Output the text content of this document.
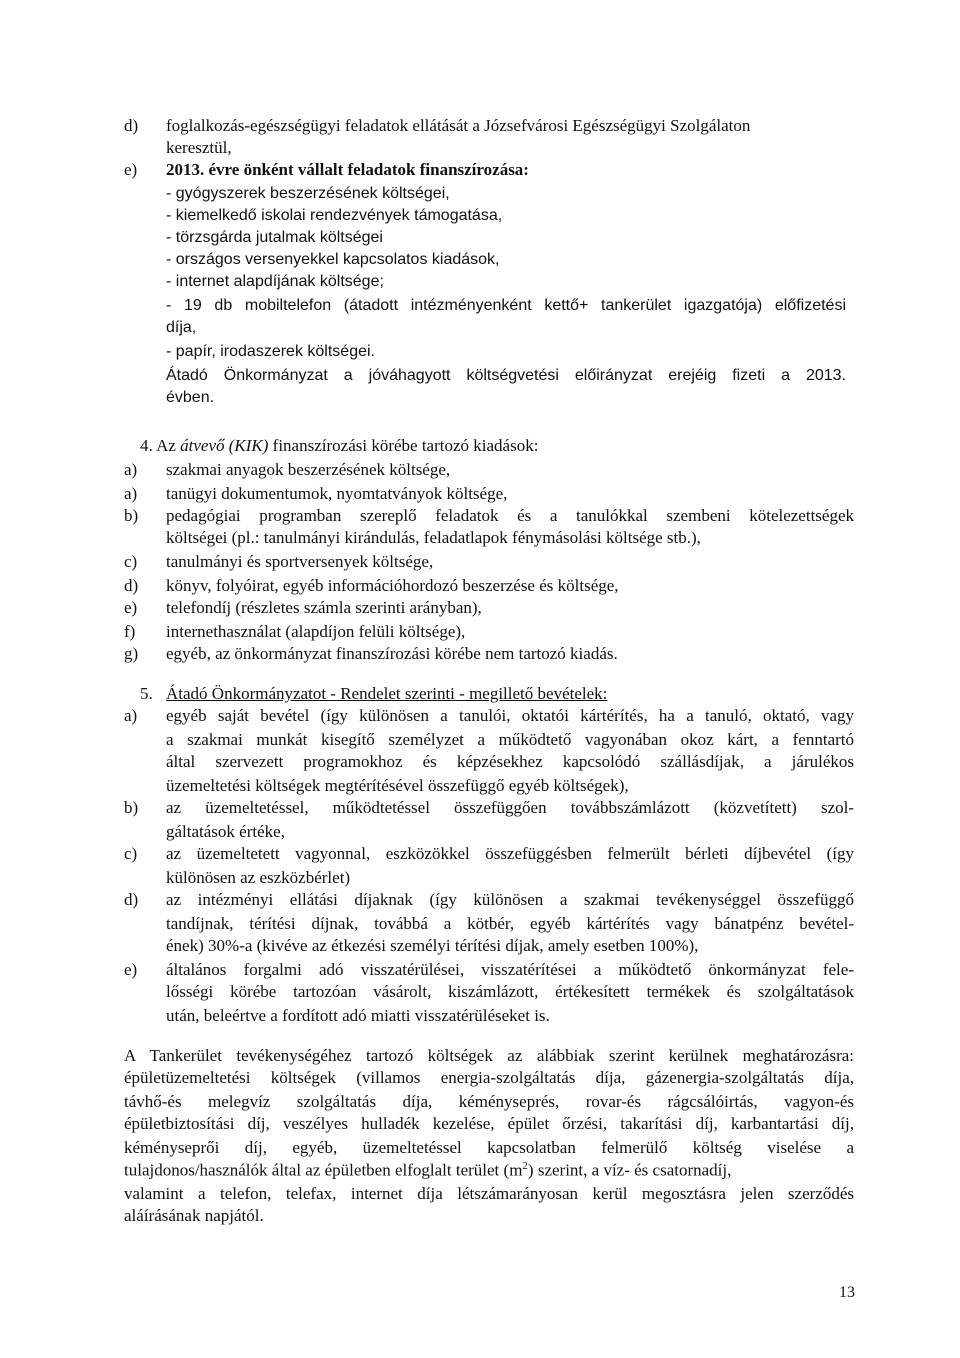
d) foglalkozás-egészségügyi feladatok ellátását a Józsefvárosi Egészségügyi Szolgálaton
keresztül,
e) 2013. évre önként vállalt feladatok finanszírozása:
- gyógyszerek beszerzésének költségei,
- kiemelkedő iskolai rendezvények támogatása,
- törzsgárda jutalmak költségei
- országos versenyekkel kapcsolatos kiadások,
- internet alapdíjának költsége;
- 19 db mobiltelefon (átadott intézményenként kettő+ tankerület igazgatója) előfizetési
díja,
- papír, irodaszerek költségei.
Átadó Önkormányzat a jóváhagyott költségvetési előirányzat erejéig fizeti a 2013.
évben.
4. Az átvevő (KIK) finanszírozási körébe tartozó kiadások:
a) szakmai anyagok beszerzésének költsége,
a) tanügyi dokumentumok, nyomtatványok költsége,
b) pedagógiai programban szereplő feladatok és a tanulókkal szembeni kötelezettségek
költségei (pl.: tanulmányi kirándulás, feladatlapok fénymásolási költsége stb.),
c) tanulmányi és sportversenyek költsége,
d) könyv, folyóirat, egyéb információhordozó beszerzése és költsége,
e) telefondíj (részletes számla szerinti arányban),
f) internethasználat (alapdíjon felüli költsége),
g) egyéb, az önkormányzat finanszírozási körébe nem tartozó kiadás.
5. Átadó Önkormányzatot - Rendelet szerinti - megillető bevételek:
a) egyéb saját bevétel (így különösen a tanulói, oktatói kártérítés, ha a tanuló, oktató, vagy
a szakmai munkát kisegítő személyzet a működtető vagyonában okoz kárt, a fenntartó
által szervezett programokhoz és képzésekhez kapcsolódó szállásdíjak, a járulékos
üzemeltetési költségek megtérítésével összefüggő egyéb költségek),
b) az üzemeltetéssel, működtetéssel összefüggően továbbszámlázott (közvetített) szol-
gáltatások értéke,
c) az üzemeltetett vagyonnal, eszközökkel összefüggésben felmerült bérleti díjbevétel (így
különösen az eszközbérlet)
d) az intézményi ellátási díjaknak (így különösen a szakmai tevékenységgel összefüggő
tandíjnak, térítési díjnak, továbbá a kötbér, egyéb kártérítés vagy bánatpénz bevétel-
ének) 30%-a (kivéve az étkezési személyi térítési díjak, amely esetben 100%),
e) általános forgalmi adó visszatérülései, visszatérítései a működtető önkormányzat fele-
lősségi körébe tartozóan vásárolt, kiszámlázott, értékesített termékek és szolgáltatások
után, beleértve a fordított adó miatti visszatérüléseket is.
A Tankerület tevékenységéhez tartozó költségek az alábbiak szerint kerülnek meghatározásra:
épületüzemeltetési költségek (villamos energia-szolgáltatás díja, gázenergia-szolgáltatás díja,
távhő-és melegvíz szolgáltatás díja, kéményseprés, rovar-és rágcsálóirtás, vagyon-és
épületbiztosítási díj, veszélyes hulladék kezelése, épület őrzési, takarítási díj, karbantartási díj,
kéményseprői díj, egyéb, üzemeltetéssel kapcsolatban felmerülő költség viselése a
tulajdonos/használók által az épületben elfoglalt terület $(m^2)$ szerint, a víz- és csatornadíj,
valamint a telefon, telefax, internet díja létszámarányosan kerül megosztásra jelen szerződés
aláírásának napjától.
13
